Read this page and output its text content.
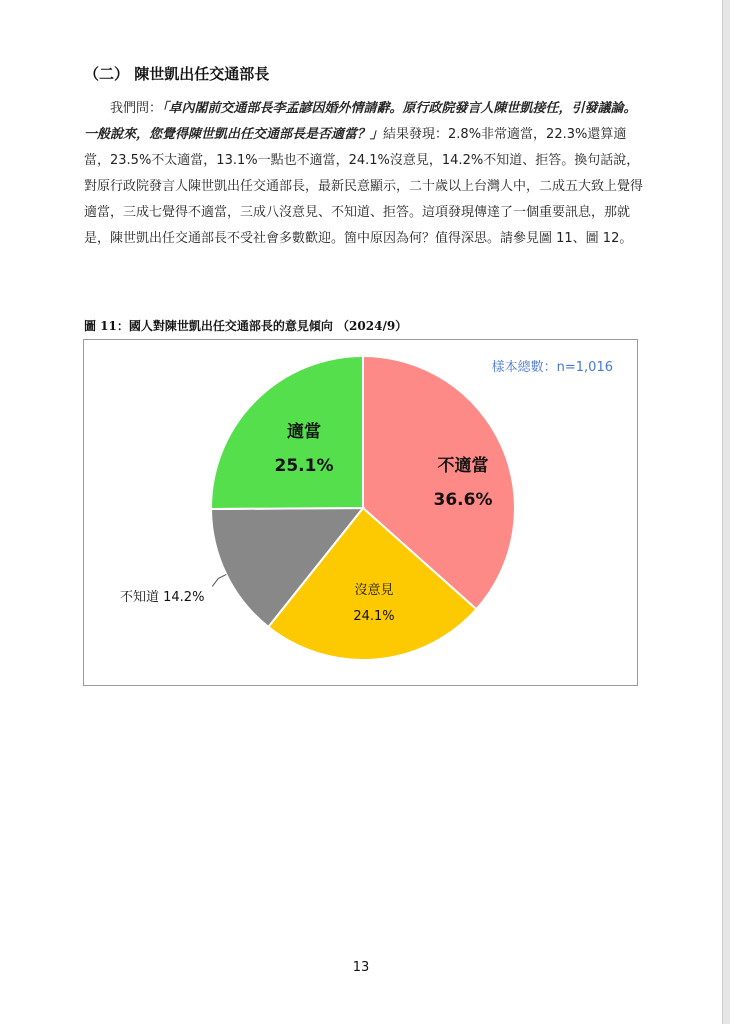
（二） 陳世凱出任交通部長

我們問：「卓內閣前交通部長李孟諺因婚外情請辭。原行政院發言人陳世凱接任，引發議論。一般說來，您覺得陳世凱出任交通部長是否適當？」結果發現：2.8%非常適當，22.3%還算適當，23.5%不太適當，13.1%一點也不適當，24.1%沒意見，14.2%不知道、拒答。換句話說，對原行政院發言人陳世凱出任交通部長，最新民意顯示，二十歲以上台灣人中，二成五大致上覺得適當，三成七覺得不適當，三成八沒意見、不知道、拒答。這項發現傳達了一個重要訊息，那就是，陳世凱出任交通部長不受社會多數歡迎。箇中原因為何？值得深思。請參見圖 11、圖 12。

圖 11：國人對陳世凱出任交通部長的意見傾向 （2024/9）
樣本總數：n=1,016
不適當
36.6%
沒意見
24.1%
適當
25.1%
不知道 14.2%
13
